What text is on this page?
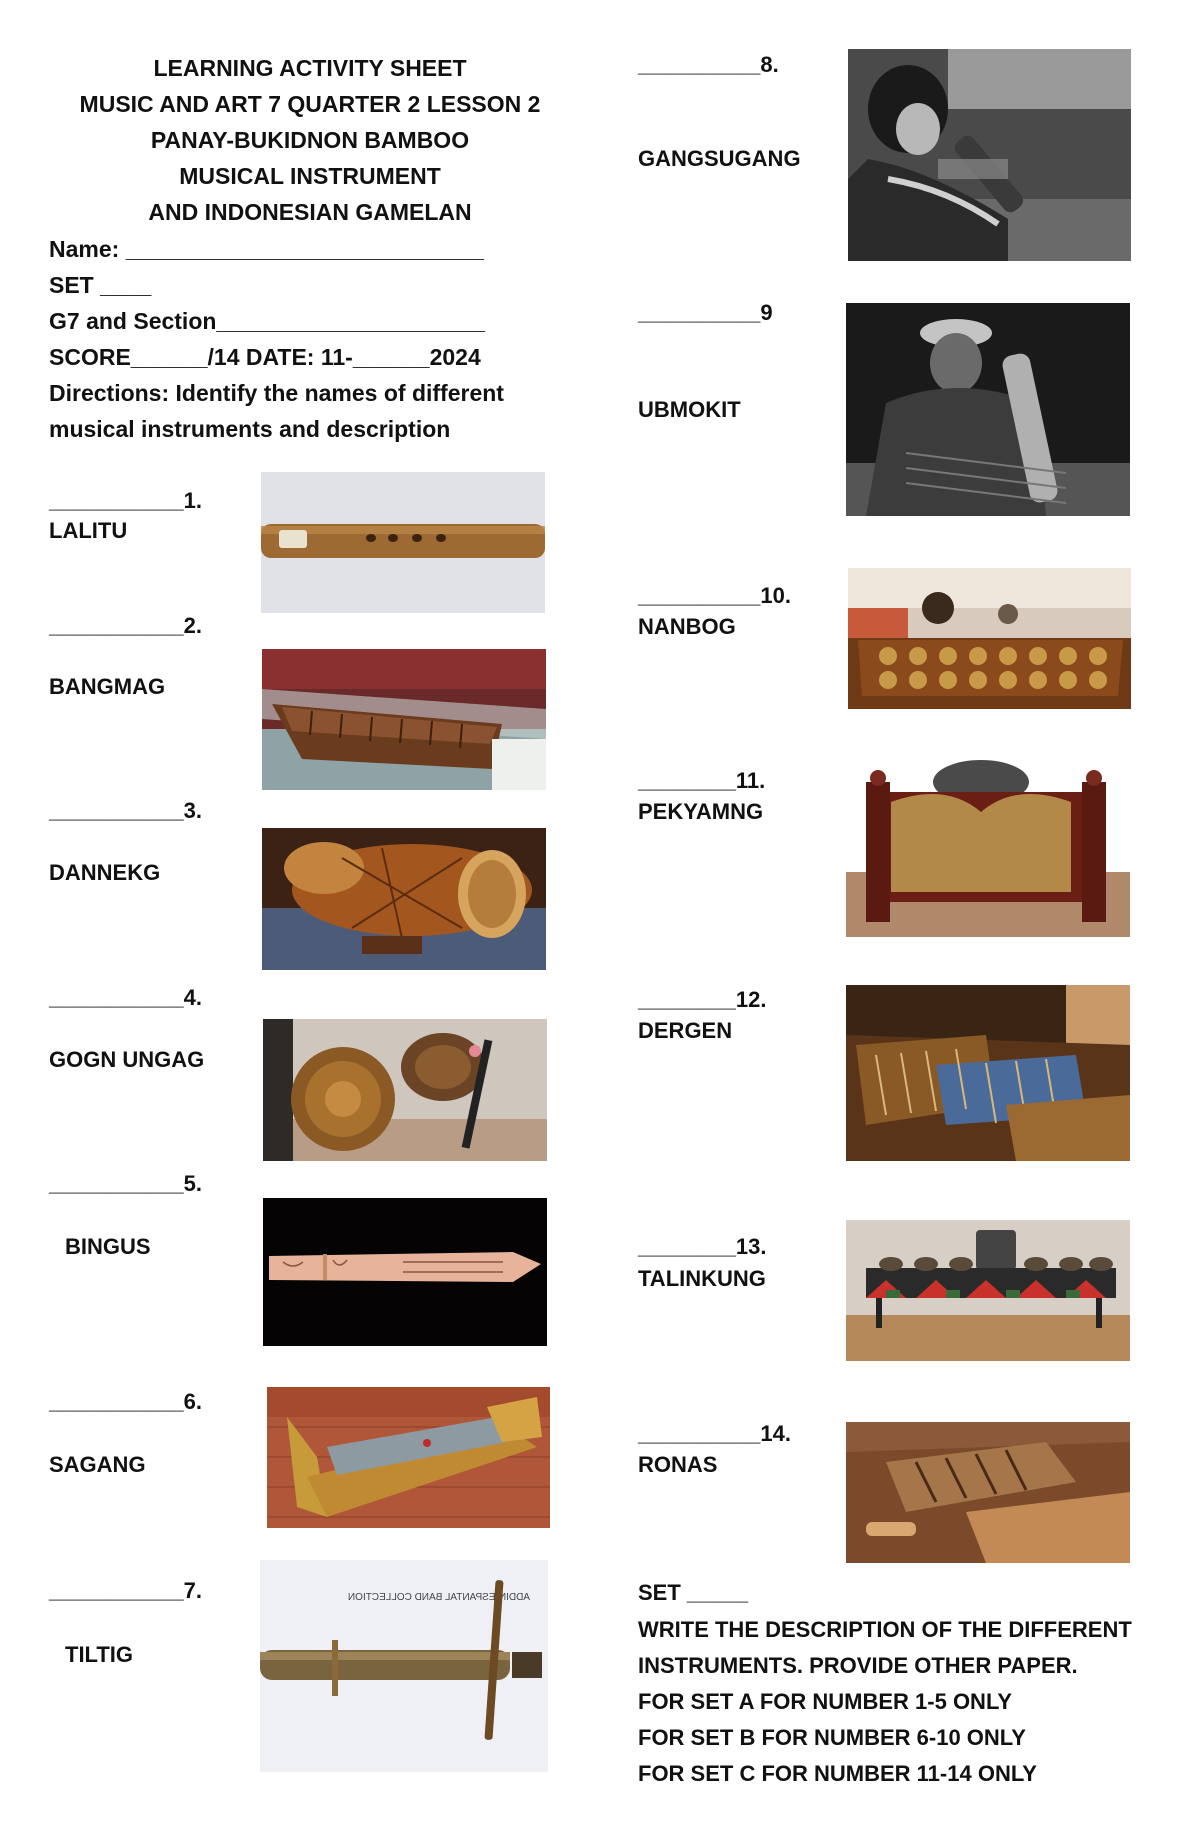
LEARNING ACTIVITY SHEET
MUSIC AND ART 7 QUARTER 2 LESSON 2
PANAY-BUKIDNON BAMBOO
MUSICAL INSTRUMENT
AND INDONESIAN GAMELAN
Name: ____________________________
SET ____
G7 and Section_____________________
SCORE______/14 DATE: 11-______2024
Directions: Identify the names of different
musical instruments and description
___________1.
LALITU
___________2.
BANGMAG
___________3.
DANNEKG
___________4.
GOGN UNGAG
___________5.
BINGUS
___________6.
SAGANG
___________7.
TILTIG
ADDIN-ESPANTAL BAND COLLECTION
__________8.
GANGSUGANG
__________9
UBMOKIT
__________10.
NANBOG
________11.
PEKYAMNG
________12.
DERGEN
________13.
TALINKUNG
__________14.
RONAS
SET _____
WRITE THE DESCRIPTION OF THE DIFFERENT
INSTRUMENTS. PROVIDE OTHER PAPER.
FOR SET A FOR NUMBER 1-5 ONLY
FOR SET B FOR NUMBER 6-10 ONLY
FOR SET C FOR NUMBER 11-14 ONLY
